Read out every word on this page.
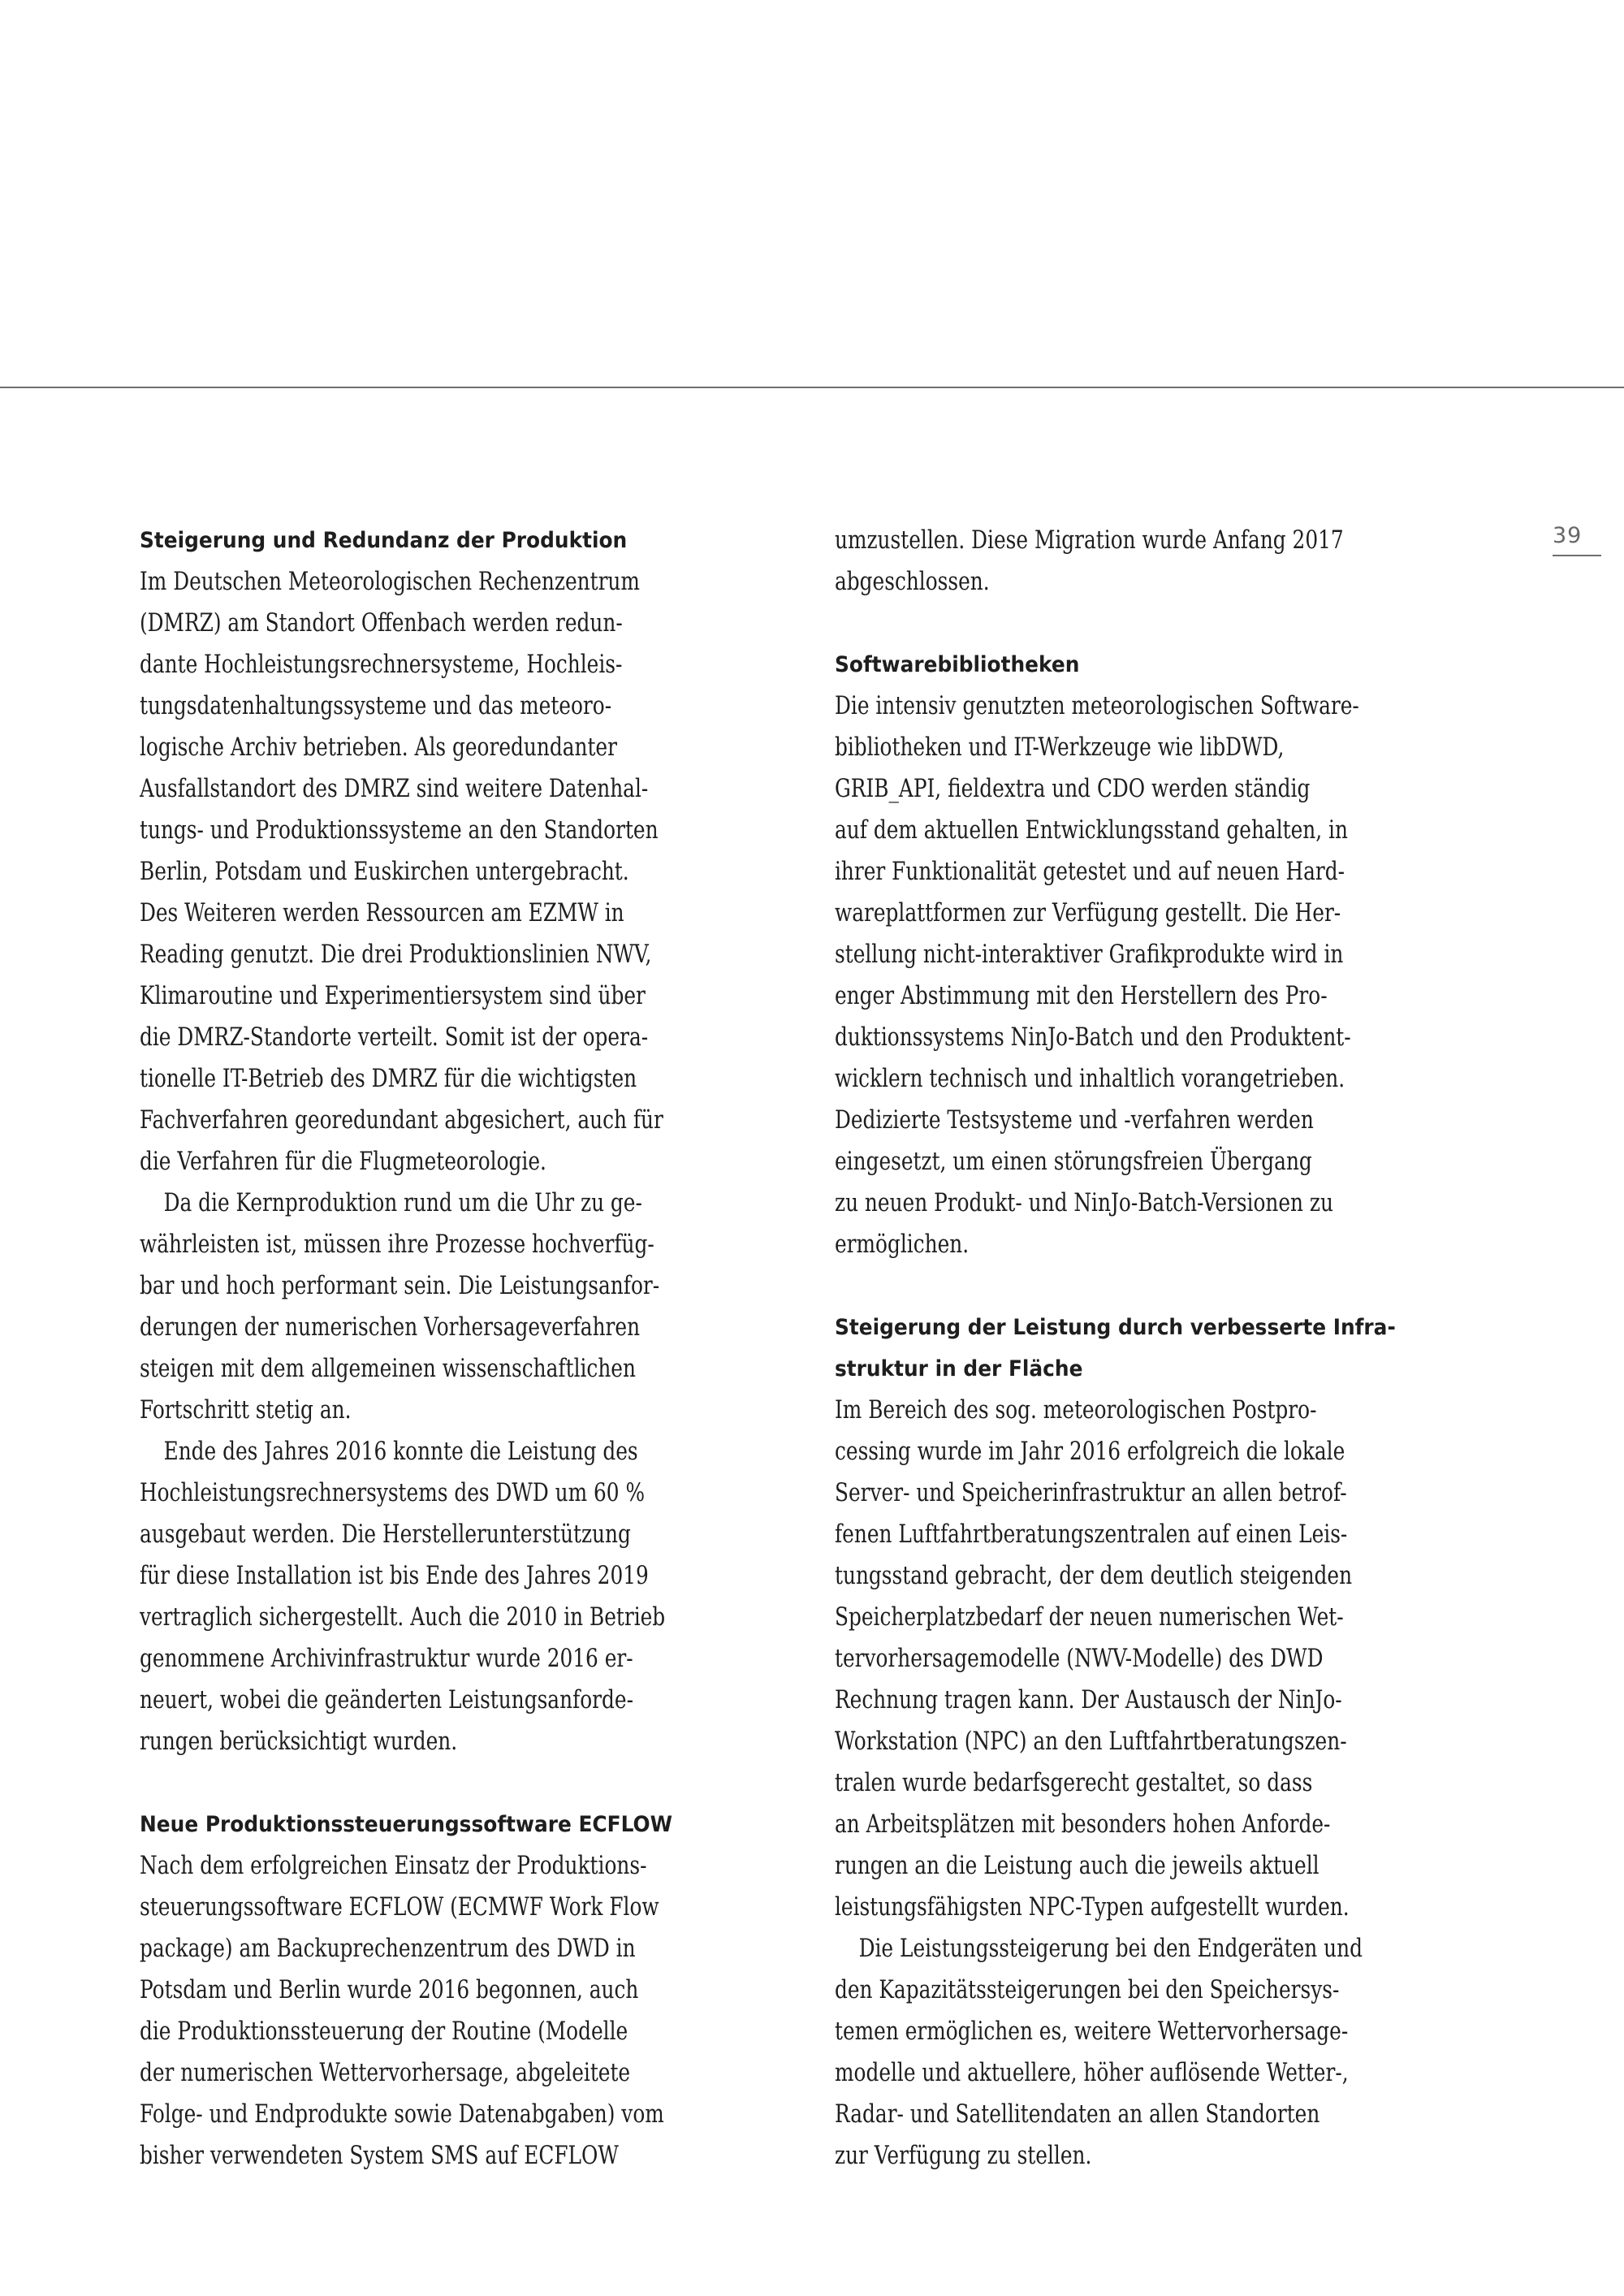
39
Steigerung und Redundanz der Produktion
Im Deutschen Meteorologischen Rechenzentrum
(DMRZ) am Standort Offenbach werden redun-
dante Hochleistungsrechnersysteme, Hochleis-
tungsdatenhaltungssysteme und das meteoro-
logische Archiv betrieben. Als georedundanter
Ausfallstandort des DMRZ sind weitere Datenhal-
tungs- und Produktionssysteme an den Standorten
Berlin, Potsdam und Euskirchen untergebracht.
Des Weiteren werden Ressourcen am EZMW in
Reading genutzt. Die drei Produktionslinien NWV,
Klimaroutine und Experimentiersystem sind über
die DMRZ-Standorte verteilt. Somit ist der opera-
tionelle IT-Betrieb des DMRZ für die wichtigsten
Fachverfahren georedundant abgesichert, auch für
die Verfahren für die Flugmeteorologie.
Da die Kernproduktion rund um die Uhr zu ge-
währleisten ist, müssen ihre Prozesse hochverfüg-
bar und hoch performant sein. Die Leistungsanfor-
derungen der numerischen Vorhersageverfahren
steigen mit dem allgemeinen wissenschaftlichen
Fortschritt stetig an.
Ende des Jahres 2016 konnte die Leistung des
Hochleistungsrechnersystems des DWD um 60 %
ausgebaut werden. Die Herstellerunterstützung
für diese Installation ist bis Ende des Jahres 2019
vertraglich sichergestellt. Auch die 2010 in Betrieb
genommene Archivinfrastruktur wurde 2016 er-
neuert, wobei die geänderten Leistungsanforde-
rungen berücksichtigt wurden.
Neue Produktionssteuerungssoftware ECFLOW
Nach dem erfolgreichen Einsatz der Produktions-
steuerungssoftware ECFLOW (ECMWF Work Flow
package) am Backuprechenzentrum des DWD in
Potsdam und Berlin wurde 2016 begonnen, auch
die Produktionssteuerung der Routine (Modelle
der numerischen Wettervorhersage, abgeleitete
Folge- und Endprodukte sowie Datenabgaben) vom
bisher verwendeten System SMS auf ECFLOW
umzustellen. Diese Migration wurde Anfang 2017
abgeschlossen.
Softwarebibliotheken
Die intensiv genutzten meteorologischen Software-
bibliotheken und IT-Werkzeuge wie libDWD,
GRIB_API, fieldextra und CDO werden ständig
auf dem aktuellen Entwicklungsstand gehalten, in
ihrer Funktionalität getestet und auf neuen Hard-
wareplattformen zur Verfügung gestellt. Die Her-
stellung nicht-interaktiver Grafikprodukte wird in
enger Abstimmung mit den Herstellern des Pro-
duktionssystems NinJo-Batch und den Produktent-
wicklern technisch und inhaltlich vorangetrieben.
Dedizierte Testsysteme und -verfahren werden
eingesetzt, um einen störungsfreien Übergang
zu neuen Produkt- und NinJo-Batch-Versionen zu
ermöglichen.
Steigerung der Leistung durch verbesserte Infra-
struktur in der Fläche
Im Bereich des sog. meteorologischen Postpro-
cessing wurde im Jahr 2016 erfolgreich die lokale
Server- und Speicherinfrastruktur an allen betrof-
fenen Luftfahrtberatungszentralen auf einen Leis-
tungsstand gebracht, der dem deutlich steigenden
Speicherplatzbedarf der neuen numerischen Wet-
tervorhersagemodelle (NWV-Modelle) des DWD
Rechnung tragen kann. Der Austausch der NinJo-
Workstation (NPC) an den Luftfahrtberatungszen-
tralen wurde bedarfsgerecht gestaltet, so dass
an Arbeitsplätzen mit besonders hohen Anforde-
rungen an die Leistung auch die jeweils aktuell
leistungsfähigsten NPC-Typen aufgestellt wurden.
Die Leistungssteigerung bei den Endgeräten und
den Kapazitätssteigerungen bei den Speichersys-
temen ermöglichen es, weitere Wettervorhersage-
modelle und aktuellere, höher auflösende Wetter-,
Radar- und Satellitendaten an allen Standorten
zur Verfügung zu stellen.
